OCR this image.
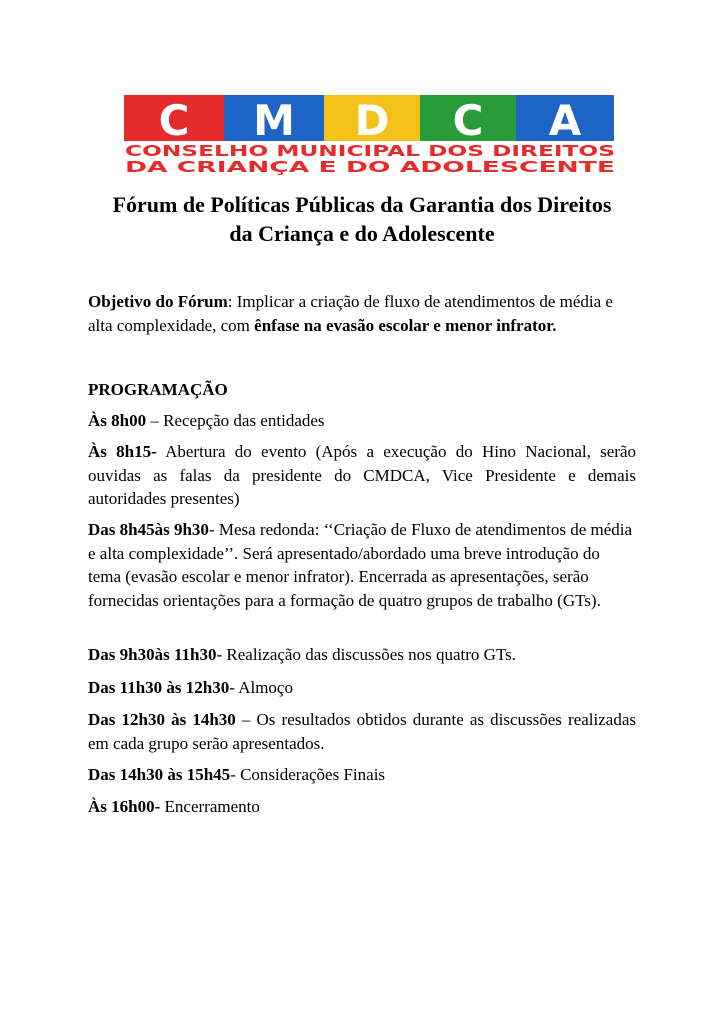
C M D C A
CONSELHO MUNICIPAL DOS DIREITOS
DA CRIANÇA E DO ADOLESCENTE
Fórum de Políticas Públicas da Garantia dos Direitos
da Criança e do Adolescente
Objetivo do Fórum: Implicar a criação de fluxo de atendimentos de média e alta complexidade, com ênfase na evasão escolar e menor infrator.
PROGRAMAÇÃO
Às 8h00 – Recepção das entidades
Às 8h15- Abertura do evento (Após a execução do Hino Nacional, serão ouvidas as falas da presidente do CMDCA, Vice Presidente e demais autoridades presentes)
Das 8h45às 9h30- Mesa redonda: ‘‘Criação de Fluxo de atendimentos de média e alta complexidade’’. Será apresentado/abordado uma breve introdução do tema (evasão escolar e menor infrator). Encerrada as apresentações, serão fornecidas orientações para a formação de quatro grupos de trabalho (GTs).
Das 9h30às 11h30- Realização das discussões nos quatro GTs.
Das 11h30 às 12h30- Almoço
Das 12h30 às 14h30 – Os resultados obtidos durante as discussões realizadas em cada grupo serão apresentados.
Das 14h30 às 15h45- Considerações Finais
Às 16h00- Encerramento
